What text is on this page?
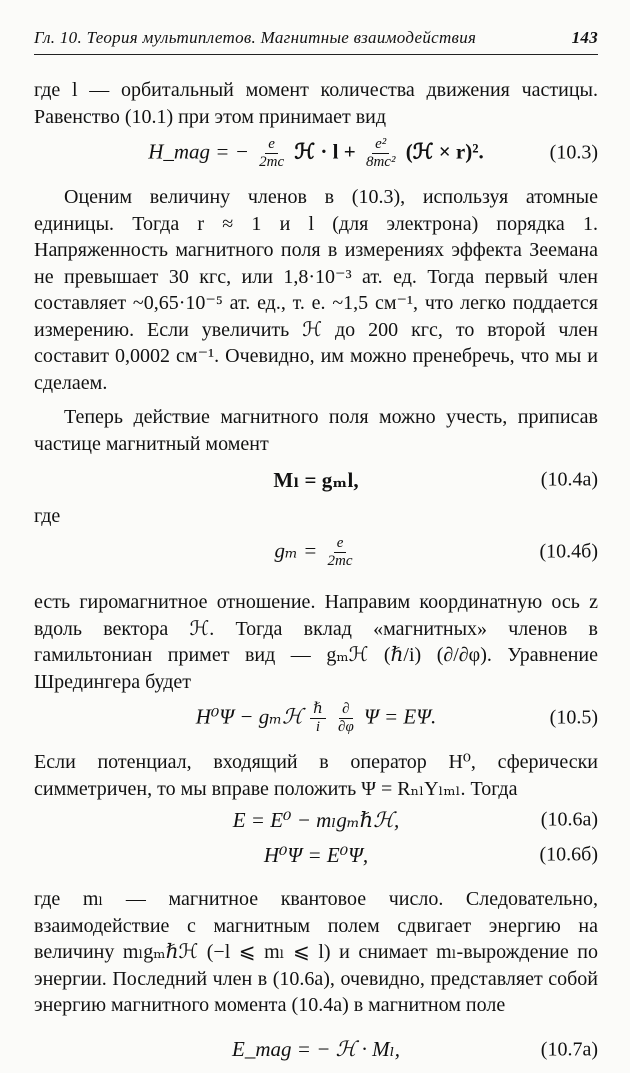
Гл. 10. Теория мультиплетов. Магнитные взаимодействия	143

где l — орбитальный момент количества движения частицы. Равенство (10.1) при этом принимает вид

H_mag = − $\frac{e}{2mc}$ ℋ · $l + \frac{\text{e²}}{\text{8mc²}}$ (ℋ × r)².	(10.3)

Оценим величину членов в (10.3), используя атомные единицы. Тогда r ≈ 1 и l (для электрона) порядка 1. Напряженность магнитного поля в измерениях эффекта Зеемана не превышает 30 кгс, или 1,8·10⁻³ ат. ед. Тогда первый член составляет ~0,65·10⁻⁵ ат. ед., т. е. ~1,5 см⁻¹, что легко поддается измерению. Если увеличить ℋ до 200 кгс, то второй член составит 0,0002 см⁻¹. Очевидно, им можно пренебречь, что мы и сделаем.

Теперь действие магнитного поля можно учесть, приписав частице магнитный момент

Mₗ = gₘl,	(10.4а)
где
$g_m = \frac{e}{2mc}$	(10.4б)

есть гиромагнитное отношение. Направим координатную ось z вдоль вектора ℋ. Тогда вклад «магнитных» членов в гамильтониан примет вид — gₘℋ (ℏ/i) (∂/∂φ). Уравнение Шредингера будет

H⁰Ψ − gₘℋ $\frac{\text{ℏ}}{i}$
$\frac{\partial}{\partial\varphi}$ Ψ = EΨ.	(10.5)

Если потенциал, входящий в оператор H⁰, сферически симметричен, то мы вправе положить Ψ = RₙₗYₗₘₗ. Тогда

E = E⁰ − mₗgₘℏℋ,	(10.6а)
H⁰Ψ = E⁰Ψ,	(10.6б)

где mₗ — магнитное квантовое число. Следовательно, взаимодействие с магнитным полем сдвигает энергию на величину mₗgₘℏℋ (−l ⩽ mₗ ⩽ l) и снимает mₗ-вырождение по энергии. Последний член в (10.6а), очевидно, представляет собой энергию магнитного момента (10.4а) в магнитном поле

E_mag = − ℋ · Mₗ,	(10.7а)
